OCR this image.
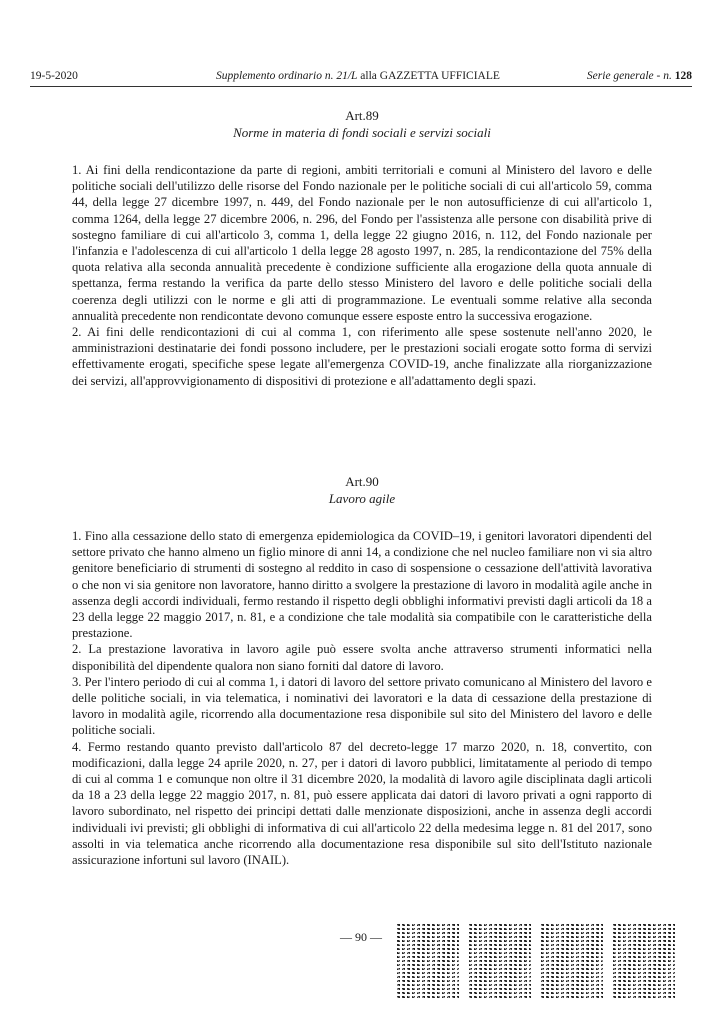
19-5-2020	Supplemento ordinario n. 21/L alla GAZZETTA UFFICIALE	Serie generale - n. 128
Art.89
Norme in materia di fondi sociali e servizi sociali

1. Ai fini della rendicontazione da parte di regioni, ambiti territoriali e comuni al Ministero del lavoro e delle politiche sociali dell'utilizzo delle risorse del Fondo nazionale per le politiche sociali di cui all'articolo 59, comma 44, della legge 27 dicembre 1997, n. 449, del Fondo nazionale per le non autosufficienze di cui all'articolo 1, comma 1264, della legge 27 dicembre 2006, n. 296, del Fondo per l'assistenza alle persone con disabilità prive di sostegno familiare di cui all'articolo 3, comma 1, della legge 22 giugno 2016, n. 112, del Fondo nazionale per l'infanzia e l'adolescenza di cui all'articolo 1 della legge 28 agosto 1997, n. 285, la rendicontazione del 75% della quota relativa alla seconda annualità precedente è condizione sufficiente alla erogazione della quota annuale di spettanza, ferma restando la verifica da parte dello stesso Ministero del lavoro e delle politiche sociali della coerenza degli utilizzi con le norme e gli atti di programmazione. Le eventuali somme relative alla seconda annualità precedente non rendicontate devono comunque essere esposte entro la successiva erogazione.

2. Ai fini delle rendicontazioni di cui al comma 1, con riferimento alle spese sostenute nell'anno 2020, le amministrazioni destinatarie dei fondi possono includere, per le prestazioni sociali erogate sotto forma di servizi effettivamente erogati, specifiche spese legate all'emergenza COVID-19, anche finalizzate alla riorganizzazione dei servizi, all'approvvigionamento di dispositivi di protezione e all'adattamento degli spazi.

Art.90
Lavoro agile

1. Fino alla cessazione dello stato di emergenza epidemiologica da COVID–19, i genitori lavoratori dipendenti del settore privato che hanno almeno un figlio minore di anni 14, a condizione che nel nucleo familiare non vi sia altro genitore beneficiario di strumenti di sostegno al reddito in caso di sospensione o cessazione dell'attività lavorativa o che non vi sia genitore non lavoratore, hanno diritto a svolgere la prestazione di lavoro in modalità agile anche in assenza degli accordi individuali, fermo restando il rispetto degli obblighi informativi previsti dagli articoli da 18 a 23 della legge 22 maggio 2017, n. 81, e a condizione che tale modalità sia compatibile con le caratteristiche della prestazione.

2. La prestazione lavorativa in lavoro agile può essere svolta anche attraverso strumenti informatici nella disponibilità del dipendente qualora non siano forniti dal datore di lavoro.

3. Per l'intero periodo di cui al comma 1, i datori di lavoro del settore privato comunicano al Ministero del lavoro e delle politiche sociali, in via telematica, i nominativi dei lavoratori e la data di cessazione della prestazione di lavoro in modalità agile, ricorrendo alla documentazione resa disponibile sul sito del Ministero del lavoro e delle politiche sociali.

4. Fermo restando quanto previsto dall'articolo 87 del decreto-legge 17 marzo 2020, n. 18, convertito, con modificazioni, dalla legge 24 aprile 2020, n. 27, per i datori di lavoro pubblici, limitatamente al periodo di tempo di cui al comma 1 e comunque non oltre il 31 dicembre 2020, la modalità di lavoro agile disciplinata dagli articoli da 18 a 23 della legge 22 maggio 2017, n. 81, può essere applicata dai datori di lavoro privati a ogni rapporto di lavoro subordinato, nel rispetto dei principi dettati dalle menzionate disposizioni, anche in assenza degli accordi individuali ivi previsti; gli obblighi di informativa di cui all'articolo 22 della medesima legge n. 81 del 2017, sono assolti in via telematica anche ricorrendo alla documentazione resa disponibile sul sito dell'Istituto nazionale assicurazione infortuni sul lavoro (INAIL).

— 90 —
